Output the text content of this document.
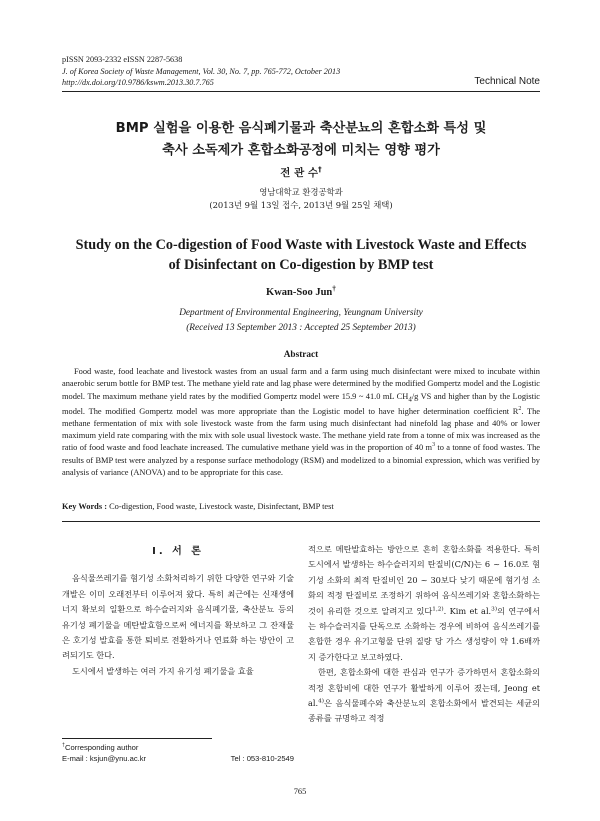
pISSN 2093-2332 eISSN 2287-5638
J. of Korea Society of Waste Management, Vol. 30, No. 7, pp. 765-772, October 2013
http://dx.doi.org/10.9786/kswm.2013.30.7.765	Technical Note
BMP 실험을 이용한 음식폐기물과 축산분뇨의 혼합소화 특성 및
축사 소독제가 혼합소화공정에 미치는 영향 평가
전 관 수†
영남대학교 환경공학과
(2013년 9월 13일 접수, 2013년 9월 25일 채택)
Study on the Co-digestion of Food Waste with Livestock Waste and Effects
of Disinfectant on Co-digestion by BMP test
Kwan-Soo Jun†
Department of Environmental Engineering, Yeungnam University
(Received 13 September 2013 : Accepted 25 September 2013)
Abstract

Food waste, food leachate and livestock wastes from an usual farm and a farm using much disinfectant were mixed to incubate within anaerobic serum bottle for BMP test. The methane yield rate and lag phase were determined by the modified Gompertz model and the Logistic model. The maximum methane yield rates by the modified Gompertz model were 15.9 ~ 41.0 mL $CH_4/g$ VS and higher than by the Logistic model. The modified Gompertz model was more appropriate than the Logistic model to have higher determination coefficient $R^2$. The methane fermentation of mix with sole livestock waste from the farm using much disinfectant had ninefold lag phase and 40% or lower maximum yield rate comparing with the mix with sole usual livestock waste. The methane yield rate from a tonne of mix was increased as the ratio of food waste and food leachate increased. The cumulative methane yield was in the proportion of 40 $m^3$ to a tonne of food wastes. The results of BMP test were analyzed by a response surface methodology (RSM) and modelized to a binomial expression, which was verified by analysis of variance (ANOVA) and to be appropriate for this case.

Key Words : Co-digestion, Food waste, Livestock waste, Disinfectant, BMP test
I. 서 론

음식물쓰레기를 혐기성 소화처리하기 위한 다양한 연구와 기술개발은 이미 오래전부터 이루어져 왔다. 특히 최근에는 신재생에너지 확보의 일환으로 하수슬러지와 음식폐기물, 축산분뇨 등의 유기성 폐기물을 메탄발효함으로써 에너지를 확보하고 그 잔재물은 호기성 발효를 통한 퇴비로 전환하거나 연료화 하는 방안이 고려되기도 한다.

도시에서 발생하는 여러 가지 유기성 폐기물을 효율

적으로 메탄발효하는 방안으로 흔히 혼합소화를 적용한다. 특히 도시에서 발생하는 하수슬러지의 탄질비(C/N)는 6 ~ 16.0로 혐기성 소화의 최적 탄질비인 20 ~ 30보다 낮기 때문에 혐기성 소화의 적정 탄질비로 조정하기 위하여 음식쓰레기와 혼합소화하는 것이 유리한 것으로 알려지고 있다$^{1,2)}$. Kim et al.$^{3)}$의 연구에서는 하수슬러지를 단독으로 소화하는 경우에 비하여 음식쓰레기를 혼합한 경우 유기고형물 단위 질량 당 가스 생성량이 약 1.6배까지 증가한다고 보고하였다.

한편, 혼합소화에 대한 관심과 연구가 증가하면서 혼합소화의 적정 혼합비에 대한 연구가 활발하게 이루어 졌는데, Jeong et al.$^{4)}$은 음식물폐수와 축산분뇨의 혼합소화에서 발견되는 세균의 종류를 규명하고 적정

†Corresponding author
E-mail : ksjun@ynu.ac.kr	Tel : 053-810-2549
765
